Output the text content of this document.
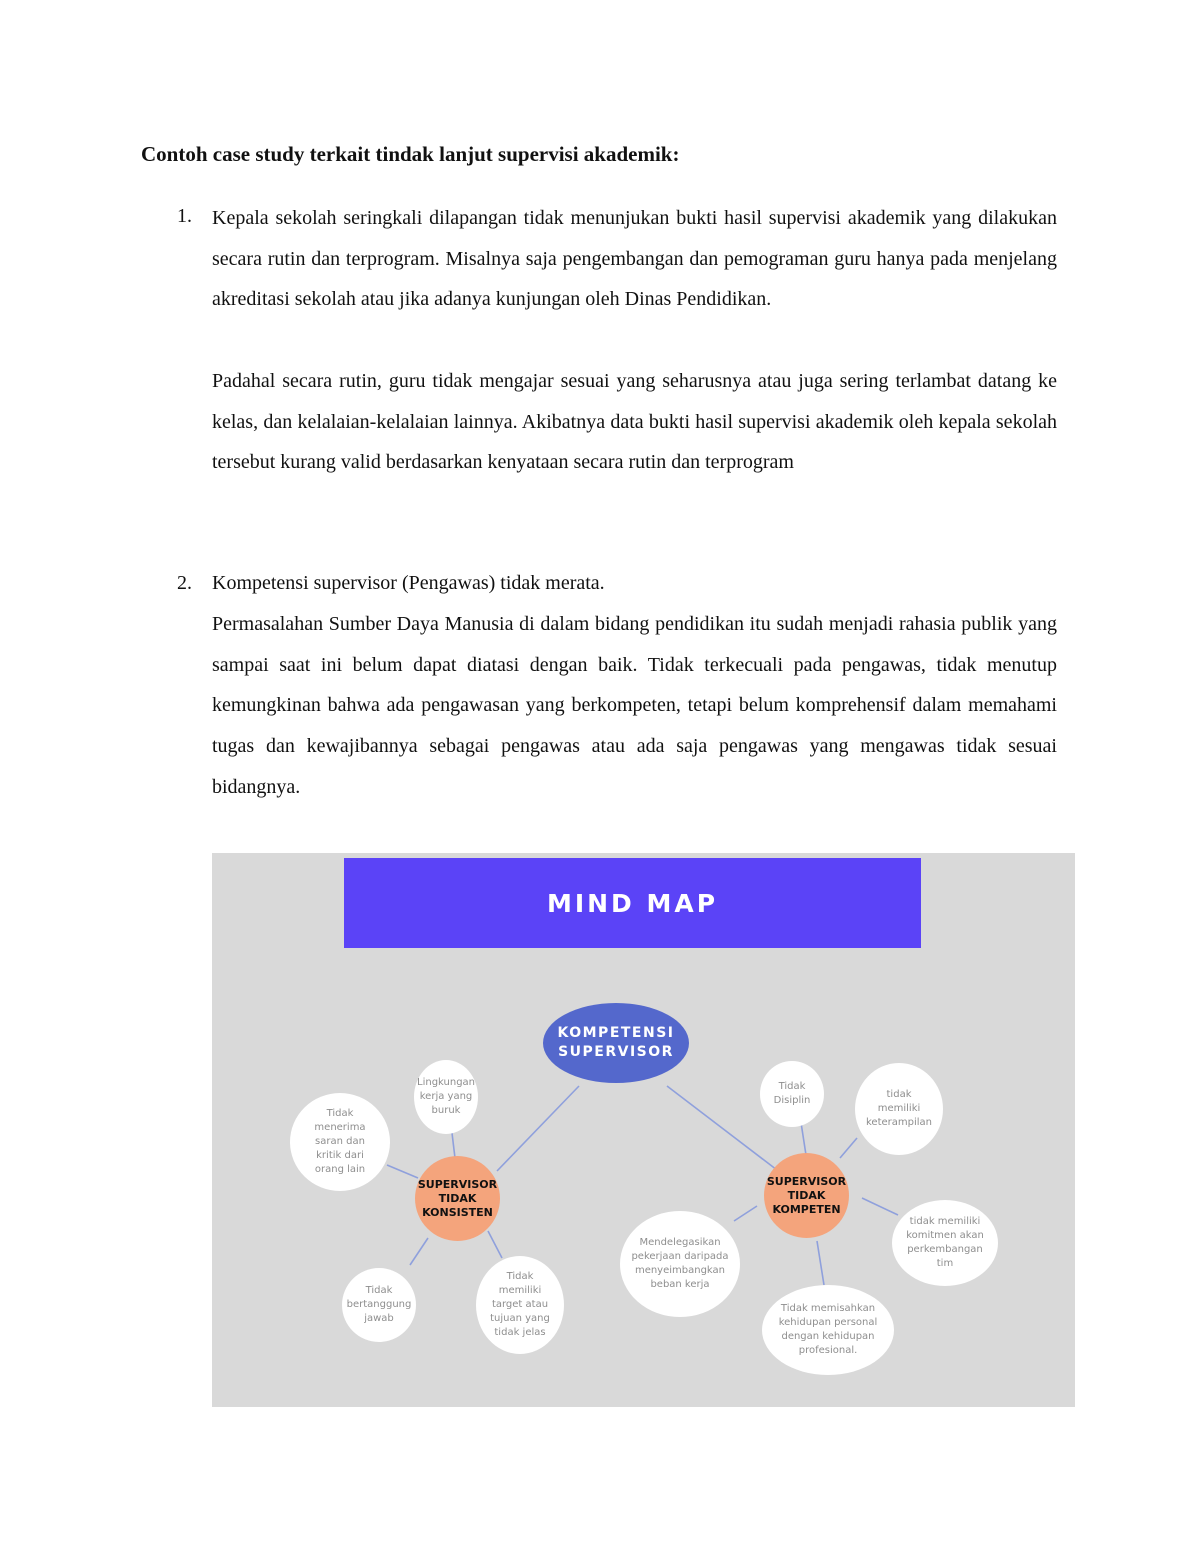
Contoh case study terkait tindak lanjut supervisi akademik:
1. Kepala sekolah seringkali dilapangan tidak menunjukan bukti hasil supervisi akademik yang dilakukan secara rutin dan terprogram. Misalnya saja pengembangan dan pemograman guru hanya pada menjelang akreditasi sekolah atau jika adanya kunjungan oleh Dinas Pendidikan.

Padahal secara rutin, guru tidak mengajar sesuai yang seharusnya atau juga sering terlambat datang ke kelas, dan kelalaian-kelalaian lainnya. Akibatnya data bukti hasil supervisi akademik oleh kepala sekolah tersebut kurang valid berdasarkan kenyataan secara rutin dan terprogram

2. Kompetensi supervisor (Pengawas) tidak merata.

Permasalahan Sumber Daya Manusia di dalam bidang pendidikan itu sudah menjadi rahasia publik yang sampai saat ini belum dapat diatasi dengan baik. Tidak terkecuali pada pengawas, tidak menutup kemungkinan bahwa ada pengawasan yang berkompeten, tetapi belum komprehensif dalam memahami tugas dan kewajibannya sebagai pengawas atau ada saja pengawas yang mengawas tidak sesuai bidangnya.

MIND MAP
KOMPETENSI SUPERVISOR
SUPERVISOR TIDAK KONSISTEN
SUPERVISOR TIDAK KOMPETEN
Lingkungan kerja yang buruk
Tidak menerima saran dan kritik dari orang lain
Tidak bertanggung jawab
Tidak memiliki target atau tujuan yang tidak jelas
Tidak Disiplin
tidak memiliki keterampilan
Mendelegasikan pekerjaan daripada menyeimbangkan beban kerja
tidak memiliki komitmen akan perkembangan tim
Tidak memisahkan kehidupan personal dengan kehidupan profesional.
